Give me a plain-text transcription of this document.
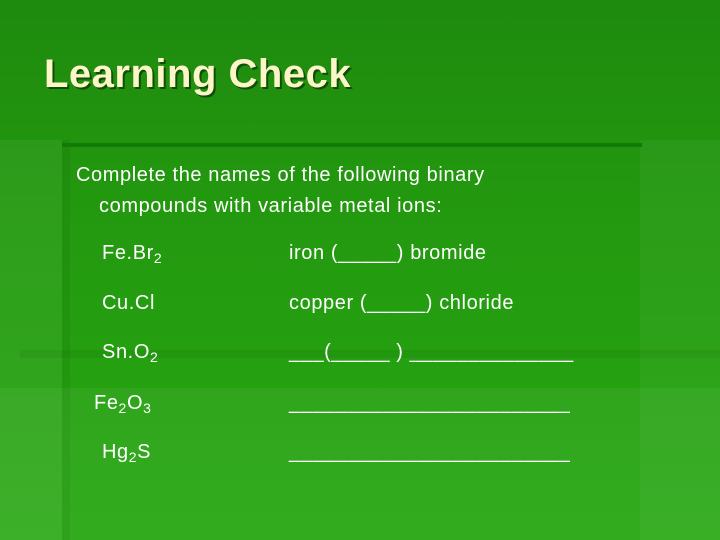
Learning Check

Complete the names of the following binary
compounds with variable metal ions:

$Fe.Br_2$	iron (_____) bromide
Cu.Cl	copper (_____) chloride
$Sn.O_2$	___(_____ ) ______________
$Fe_2O_3$	________________________
$Hg_2S$	________________________
